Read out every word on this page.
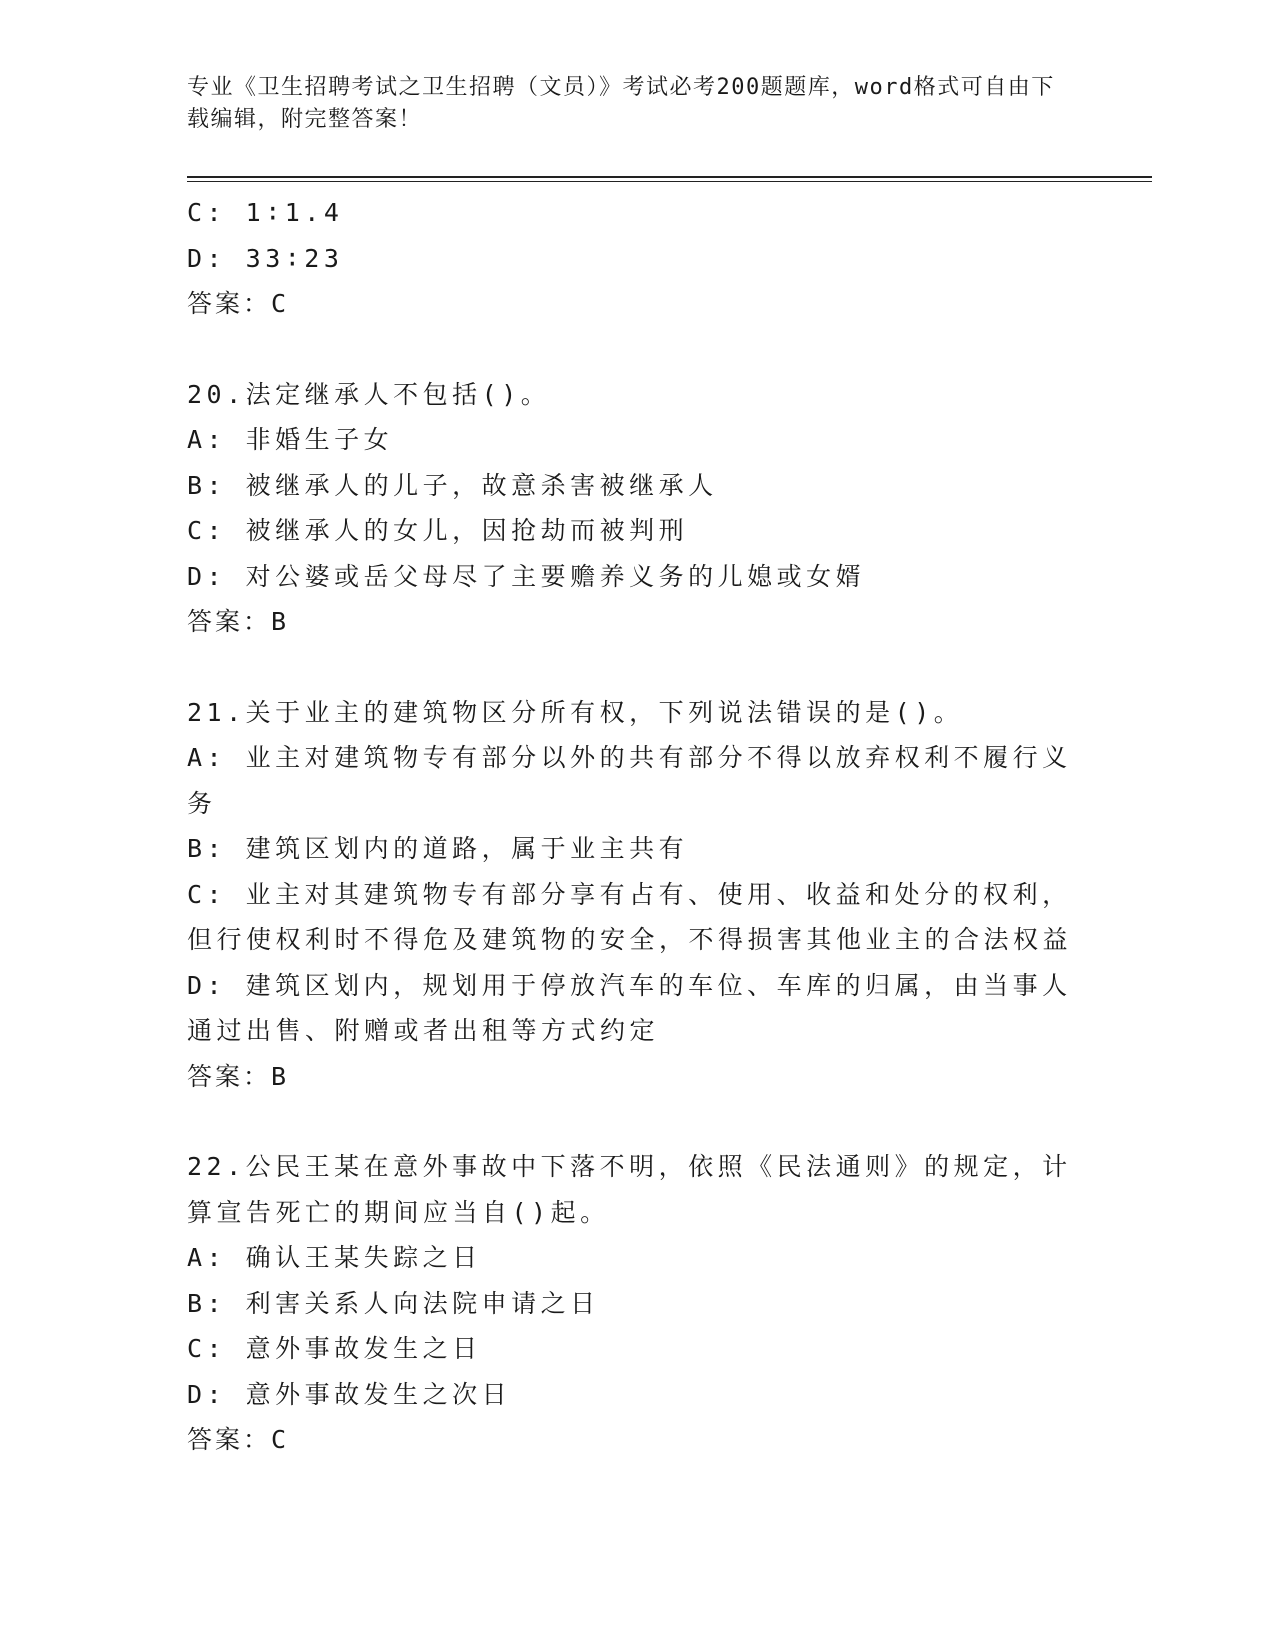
专业《卫生招聘考试之卫生招聘（文员）》考试必考200题题库，word格式可自由下载编辑，附完整答案！
C: 1∶1.4
D: 33∶23
答案：C
20.法定继承人不包括()。
A: 非婚生子女
B: 被继承人的儿子，故意杀害被继承人
C: 被继承人的女儿，因抢劫而被判刑
D: 对公婆或岳父母尽了主要赡养义务的儿媳或女婿
答案：B
21.关于业主的建筑物区分所有权，下列说法错误的是()。
A: 业主对建筑物专有部分以外的共有部分不得以放弃权利不履行义务
B: 建筑区划内的道路，属于业主共有
C: 业主对其建筑物专有部分享有占有、使用、收益和处分的权利，但行使权利时不得危及建筑物的安全，不得损害其他业主的合法权益
D: 建筑区划内，规划用于停放汽车的车位、车库的归属，由当事人通过出售、附赠或者出租等方式约定
答案：B
22.公民王某在意外事故中下落不明，依照《民法通则》的规定，计算宣告死亡的期间应当自()起。
A: 确认王某失踪之日
B: 利害关系人向法院申请之日
C: 意外事故发生之日
D: 意外事故发生之次日
答案：C
